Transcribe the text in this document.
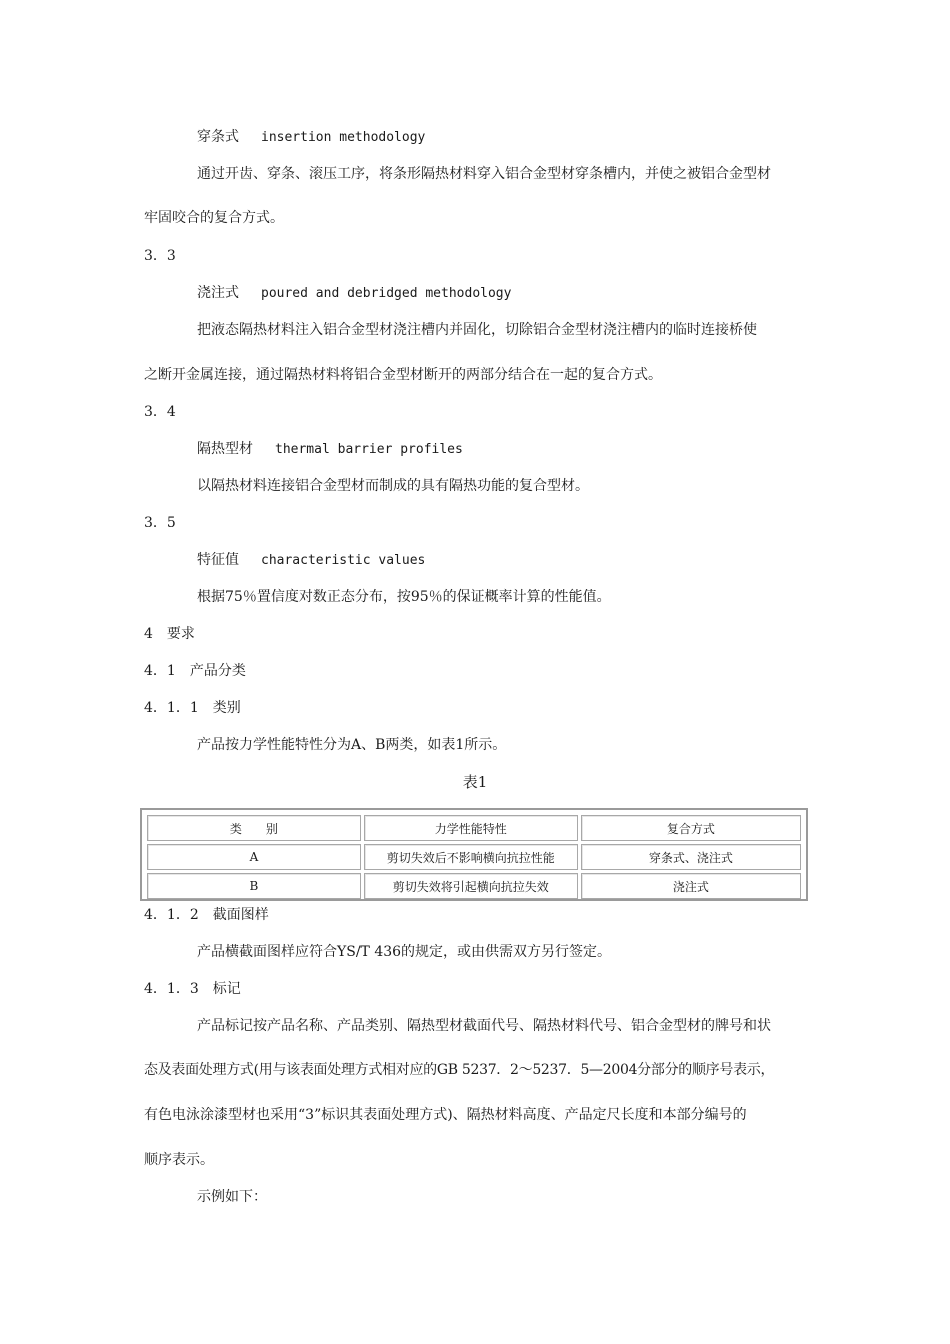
穿条式 insertion methodology
通过开齿、穿条、滚压工序，将条形隔热材料穿入铝合金型材穿条槽内，并使之被铝合金型材
牢固咬合的复合方式。
3．3
浇注式 poured and debridged methodology
把液态隔热材料注入铝合金型材浇注槽内并固化，切除铝合金型材浇注槽内的临时连接桥使
之断开金属连接，通过隔热材料将铝合金型材断开的两部分结合在一起的复合方式。
3．4
隔热型材 thermal barrier profiles
以隔热材料连接铝合金型材而制成的具有隔热功能的复合型材。
3．5
特征值 characteristic values
根据75％置信度对数正态分布，按95％的保证概率计算的性能值。
4　要求
4．1　产品分类
4．1．1　类别
产品按力学性能特性分为A、B两类，如表1所示。
表1
类　　别	力学性能特性	复合方式
A	剪切失效后不影响横向抗拉性能	穿条式、浇注式
B	剪切失效将引起横向抗拉失效	浇注式
4．1．2　截面图样
产品横截面图样应符合YS/T 436的规定，或由供需双方另行签定。
4．1．3　标记
产品标记按产品名称、产品类别、隔热型材截面代号、隔热材料代号、铝合金型材的牌号和状
态及表面处理方式(用与该表面处理方式相对应的GB 5237．2～5237．5—2004分部分的顺序号表示，
有色电泳涂漆型材也采用“3”标识其表面处理方式)、隔热材料高度、产品定尺长度和本部分编号的
顺序表示。
示例如下：
